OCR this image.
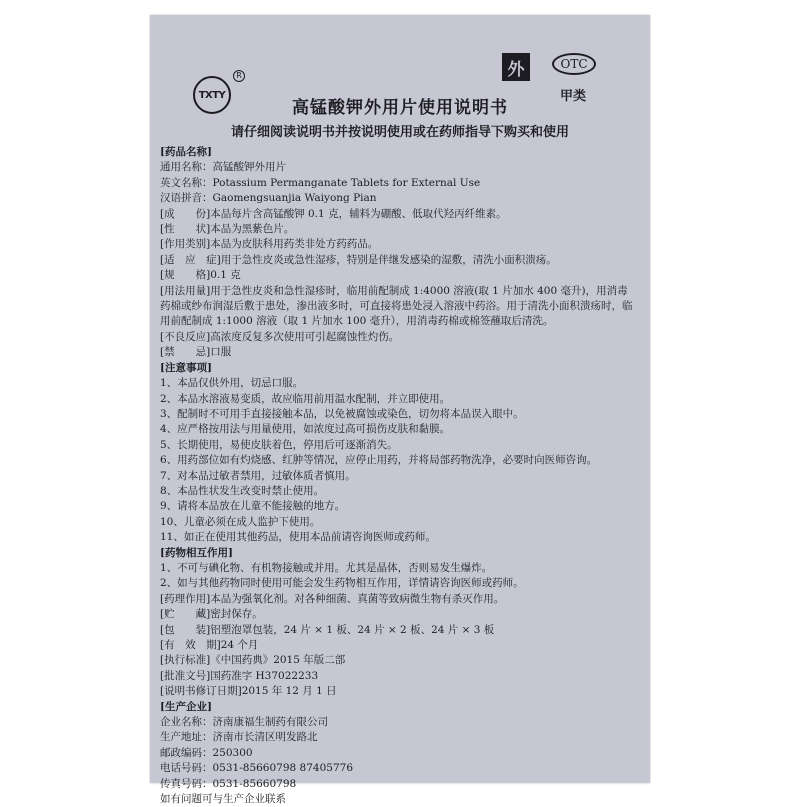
TXTY
R	外	OTC
甲类
高锰酸钾外用片使用说明书
请仔细阅读说明书并按说明使用或在药师指导下购买和使用
[药品名称]
通用名称：高锰酸钾外用片
英文名称：Potassium Permanganate Tablets for External Use
汉语拼音：Gaomengsuanjia Waiyong Pian
[成　　份]本品每片含高锰酸钾 0.1 克，辅料为硼酸、低取代羟丙纤维素。
[性　　状]本品为黑紫色片。
[作用类别]本品为皮肤科用药类非处方药药品。
[适　应　症]用于急性皮炎或急性湿疹，特别是伴继发感染的湿敷，清洗小面积溃疡。
[规　　格]0.1 克
[用法用量]用于急性皮炎和急性湿疹时，临用前配制成 1:4000 溶液(取 1 片加水 400 毫升)，用消毒药棉或纱布润湿后敷于患处，渗出液多时，可直接将患处浸入溶液中药浴。用于清洗小面积溃疡时，临用前配制成 1:1000 溶液（取 1 片加水 100 毫升），用消毒药棉或棉签蘸取后清洗。
[不良反应]高浓度反复多次使用可引起腐蚀性灼伤。
[禁　　忌]口服
[注意事项]
1、本品仅供外用，切忌口服。
2、本品水溶液易变质，故应临用前用温水配制，并立即使用。
3、配制时不可用手直接接触本品，以免被腐蚀或染色，切勿将本品误入眼中。
4、应严格按用法与用量使用，如浓度过高可损伤皮肤和黏膜。
5、长期使用，易使皮肤着色，停用后可逐渐消失。
6、用药部位如有灼烧感、红肿等情况，应停止用药，并将局部药物洗净，必要时向医师咨询。
7、对本品过敏者禁用，过敏体质者慎用。
8、本品性状发生改变时禁止使用。
9、请将本品放在儿童不能接触的地方。
10、儿童必须在成人监护下使用。
11、如正在使用其他药品，使用本品前请咨询医师或药师。
[药物相互作用]
1、不可与碘化物、有机物接触或并用。尤其是晶体，否则易发生爆炸。
2、如与其他药物同时使用可能会发生药物相互作用，详情请咨询医师或药师。
[药理作用]本品为强氧化剂。对各种细菌、真菌等致病微生物有杀灭作用。
[贮　　藏]密封保存。
[包　　装]铝塑泡罩包装，24 片 × 1 板、24 片 × 2 板、24 片 × 3 板
[有　效　期]24 个月
[执行标准]《中国药典》2015 年版二部
[批准文号]国药准字 H37022233
[说明书修订日期]2015 年 12 月 1 日
[生产企业]
企业名称：济南康福生制药有限公司
生产地址：济南市长清区明发路北
邮政编码：250300
电话号码：0531-85660798 87405776
传真号码：0531-85660798
如有问题可与生产企业联系
